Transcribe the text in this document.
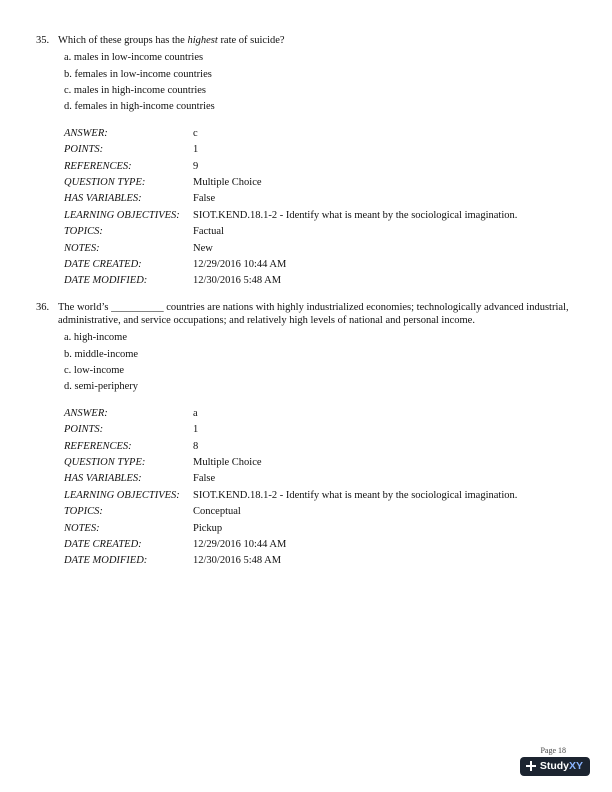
35. Which of these groups has the highest rate of suicide?
a. males in low-income countries
b. females in low-income countries
c. males in high-income countries
d. females in high-income countries
ANSWER:	c
POINTS:	1
REFERENCES:	9
QUESTION TYPE:	Multiple Choice
HAS VARIABLES:	False
LEARNING OBJECTIVES:	SIOT.KEND.18.1-2 - Identify what is meant by the sociological imagination.
TOPICS:	Factual
NOTES:	New
DATE CREATED:	12/29/2016 10:44 AM
DATE MODIFIED:	12/30/2016 5:48 AM
36. The world’s __________ countries are nations with highly industrialized economies; technologically advanced industrial, administrative, and service occupations; and relatively high levels of national and personal income.
a. high-income
b. middle-income
c. low-income
d. semi-periphery
ANSWER:	a
POINTS:	1
REFERENCES:	8
QUESTION TYPE:	Multiple Choice
HAS VARIABLES:	False
LEARNING OBJECTIVES:	SIOT.KEND.18.1-2 - Identify what is meant by the sociological imagination.
TOPICS:	Conceptual
NOTES:	Pickup
DATE CREATED:	12/29/2016 10:44 AM
DATE MODIFIED:	12/30/2016 5:48 AM
Page 18
Study XY
